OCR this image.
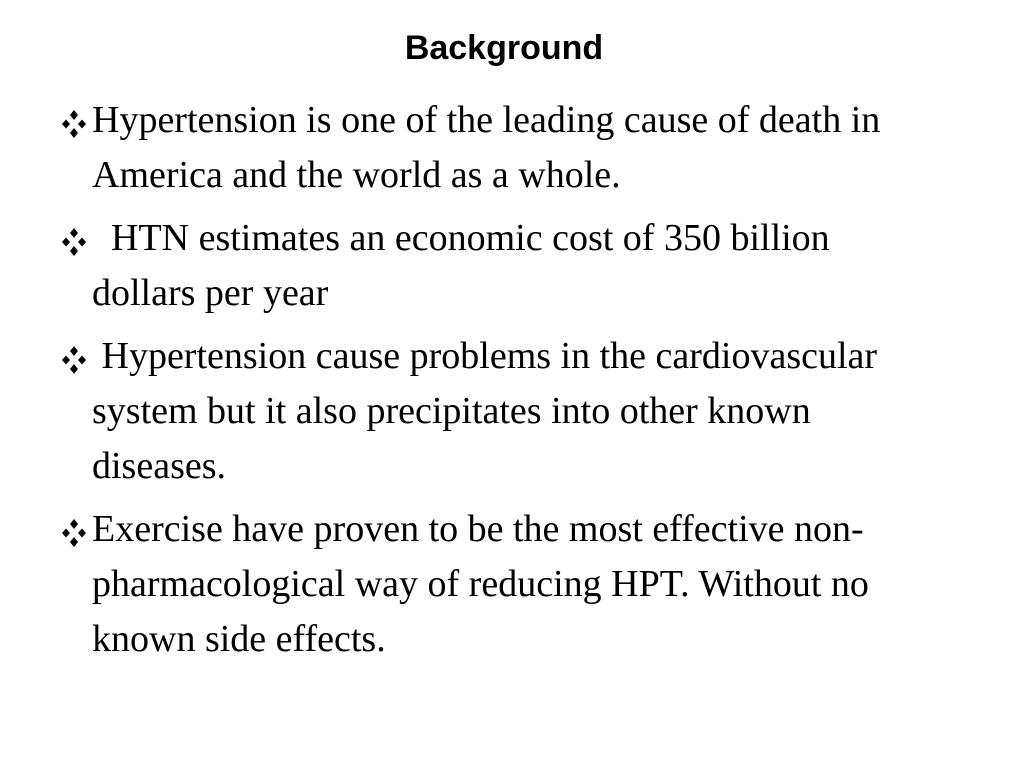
Background
Hypertension is one of the leading cause of death in America and the world as a whole.
HTN estimates an economic cost of 350 billion dollars per year
Hypertension cause problems in the cardiovascular system but it also precipitates into other known diseases.
Exercise have proven to be the most effective non-pharmacological way of reducing HPT. Without no known side effects.
